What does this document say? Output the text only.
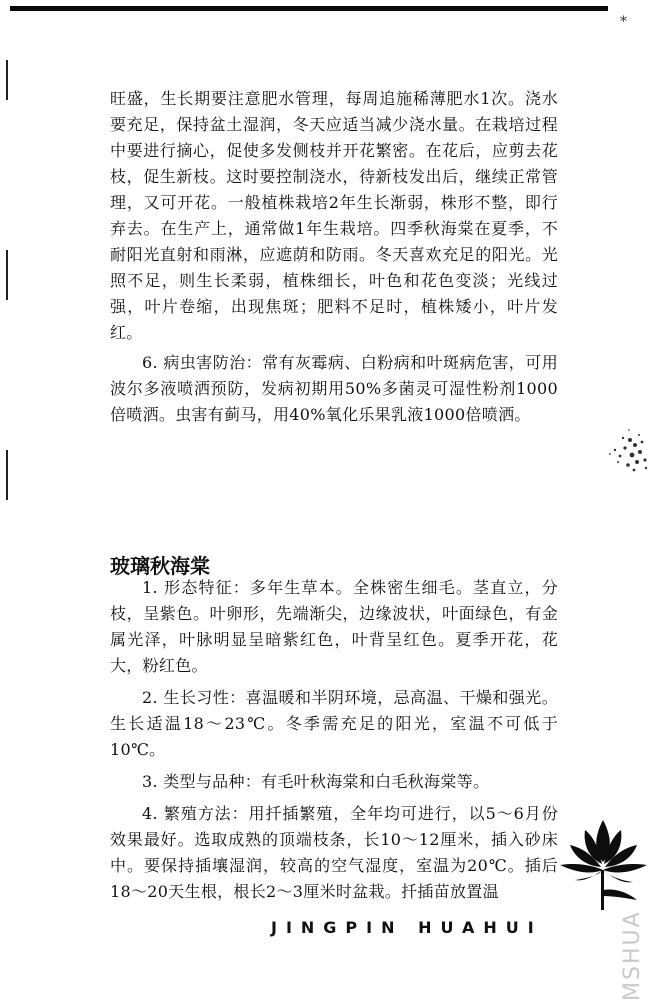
*

旺盛，生长期要注意肥水管理，每周追施稀薄肥水1次。浇水要充足，保持盆土湿润，冬天应适当减少浇水量。在栽培过程中要进行摘心，促使多发侧枝并开花繁密。在花后，应剪去花枝，促生新枝。这时要控制浇水，待新枝发出后，继续正常管理，又可开花。一般植株栽培2年生长渐弱，株形不整，即行弃去。在生产上，通常做1年生栽培。四季秋海棠在夏季，不耐阳光直射和雨淋，应遮荫和防雨。冬天喜欢充足的阳光。光照不足，则生长柔弱，植株细长，叶色和花色变淡；光线过强，叶片卷缩，出现焦斑；肥料不足时，植株矮小，叶片发红。

6. 病虫害防治：常有灰霉病、白粉病和叶斑病危害，可用波尔多液喷洒预防，发病初期用50%多菌灵可湿性粉剂1000倍喷洒。虫害有蓟马，用40%氧化乐果乳液1000倍喷洒。

玻璃秋海棠

1. 形态特征：多年生草本。全株密生细毛。茎直立，分枝，呈紫色。叶卵形，先端渐尖，边缘波状，叶面绿色，有金属光泽，叶脉明显呈暗紫红色，叶背呈红色。夏季开花，花大，粉红色。

2. 生长习性：喜温暖和半阴环境，忌高温、干燥和强光。生长适温18～23℃。冬季需充足的阳光，室温不可低于10℃。

3. 类型与品种：有毛叶秋海棠和白毛秋海棠等。

4. 繁殖方法：用扦插繁殖，全年均可进行，以5～6月份效果最好。选取成熟的顶端枝条，长10～12厘米，插入砂床中。要保持插壤湿润，较高的空气湿度，室温为20℃。插后18～20天生根，根长2～3厘米时盆栽。扦插苗放置温

JINGPIN HUAHUI	MSHUA
